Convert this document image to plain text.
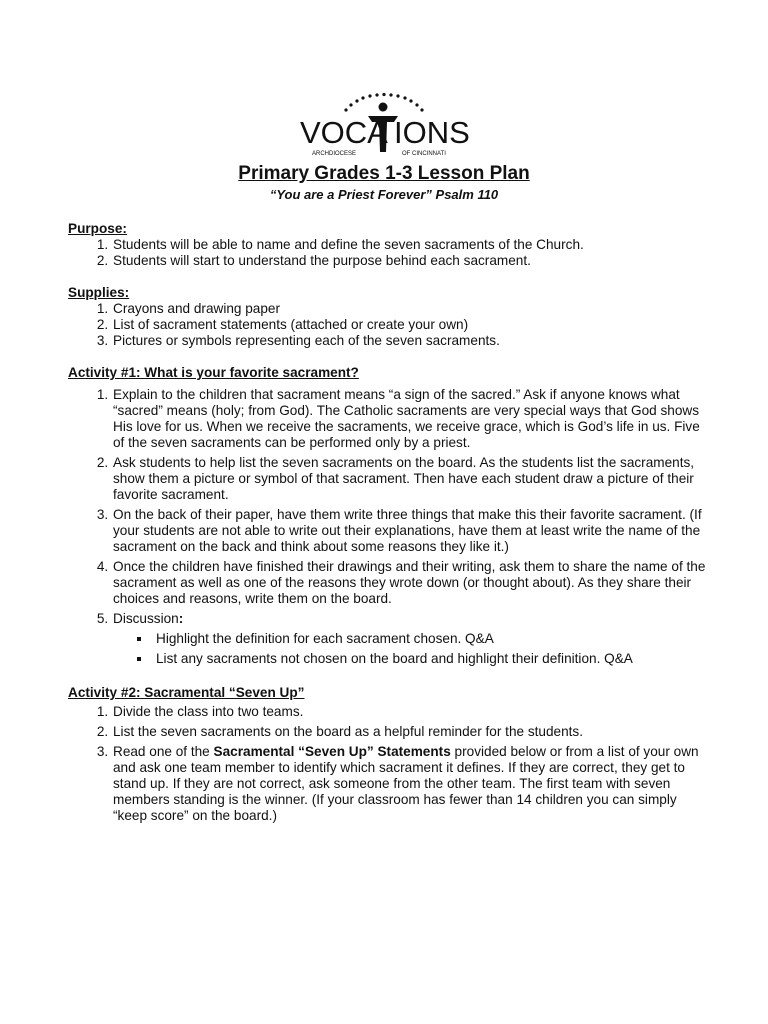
VOCA IONS
ARCHDIOCESE	OF CINCINNATI
Primary Grades 1-3 Lesson Plan
“You are a Priest Forever” Psalm 110
Purpose:
1. Students will be able to name and define the seven sacraments of the Church.
2. Students will start to understand the purpose behind each sacrament.
Supplies:
1. Crayons and drawing paper
2. List of sacrament statements (attached or create your own)
3. Pictures or symbols representing each of the seven sacraments.
Activity #1: What is your favorite sacrament?
1. Explain to the children that sacrament means “a sign of the sacred.” Ask if anyone knows what “sacred” means (holy; from God). The Catholic sacraments are very special ways that God shows His love for us. When we receive the sacraments, we receive grace, which is God’s life in us. Five of the seven sacraments can be performed only by a priest.
2. Ask students to help list the seven sacraments on the board. As the students list the sacraments, show them a picture or symbol of that sacrament. Then have each student draw a picture of their favorite sacrament.
3. On the back of their paper, have them write three things that make this their favorite sacrament. (If your students are not able to write out their explanations, have them at least write the name of the sacrament on the back and think about some reasons they like it.)
4. Once the children have finished their drawings and their writing, ask them to share the name of the sacrament as well as one of the reasons they wrote down (or thought about). As they share their choices and reasons, write them on the board.
5. Discussion:
Highlight the definition for each sacrament chosen. Q&A
List any sacraments not chosen on the board and highlight their definition. Q&A
Activity #2: Sacramental “Seven Up”
1. Divide the class into two teams.
2. List the seven sacraments on the board as a helpful reminder for the students.
3. Read one of the Sacramental “Seven Up” Statements provided below or from a list of your own and ask one team member to identify which sacrament it defines. If they are correct, they get to stand up. If they are not correct, ask someone from the other team. The first team with seven members standing is the winner. (If your classroom has fewer than 14 children you can simply “keep score” on the board.)
